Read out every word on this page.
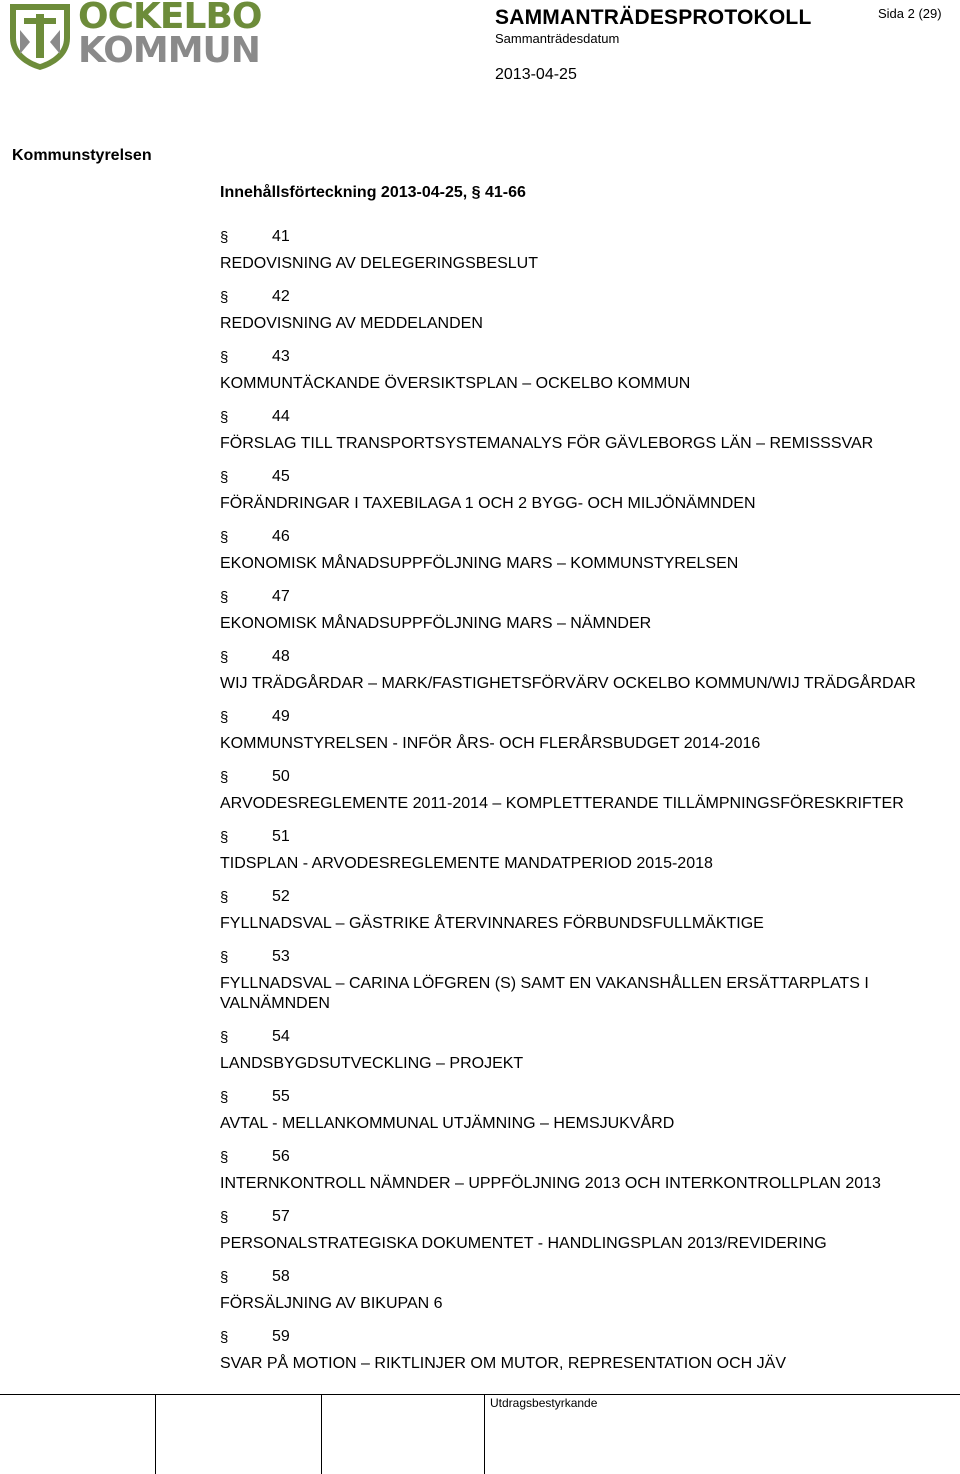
OCKELBO
KOMMUN
SAMMANTRÄDESPROTOKOLL	Sida 2 (29)
Sammanträdesdatum
2013-04-25
Kommunstyrelsen
Innehållsförteckning 2013-04-25, § 41-66
§	41
REDOVISNING AV DELEGERINGSBESLUT
§	42
REDOVISNING AV MEDDELANDEN
§	43
KOMMUNTÄCKANDE ÖVERSIKTSPLAN – OCKELBO KOMMUN
§	44
FÖRSLAG TILL TRANSPORTSYSTEMANALYS FÖR GÄVLEBORGS LÄN – REMISSSVAR
§	45
FÖRÄNDRINGAR I TAXEBILAGA 1 OCH 2 BYGG- OCH MILJÖNÄMNDEN
§	46
EKONOMISK MÅNADSUPPFÖLJNING MARS – KOMMUNSTYRELSEN
§	47
EKONOMISK MÅNADSUPPFÖLJNING MARS – NÄMNDER
§	48
WIJ TRÄDGÅRDAR – MARK/FASTIGHETSFÖRVÄRV OCKELBO KOMMUN/WIJ TRÄDGÅRDAR
§	49
KOMMUNSTYRELSEN - INFÖR ÅRS- OCH FLERÅRSBUDGET 2014-2016
§	50
ARVODESREGLEMENTE 2011-2014 – KOMPLETTERANDE TILLÄMPNINGSFÖRESKRIFTER
§	51
TIDSPLAN - ARVODESREGLEMENTE MANDATPERIOD 2015-2018
§	52
FYLLNADSVAL – GÄSTRIKE ÅTERVINNARES FÖRBUNDSFULLMÄKTIGE
§	53
FYLLNADSVAL – CARINA LÖFGREN (S) SAMT EN VAKANSHÅLLEN ERSÄTTARPLATS I VALNÄMNDEN
§	54
LANDSBYGDSUTVECKLING – PROJEKT
§	55
AVTAL - MELLANKOMMUNAL UTJÄMNING – HEMSJUKVÅRD
§	56
INTERNKONTROLL NÄMNDER – UPPFÖLJNING 2013 OCH INTERKONTROLLPLAN 2013
§	57
PERSONALSTRATEGISKA DOKUMENTET - HANDLINGSPLAN 2013/REVIDERING
§	58
FÖRSÄLJNING AV BIKUPAN 6
§	59
SVAR PÅ MOTION – RIKTLINJER OM MUTOR, REPRESENTATION OCH JÄV
Utdragsbestyrkande
